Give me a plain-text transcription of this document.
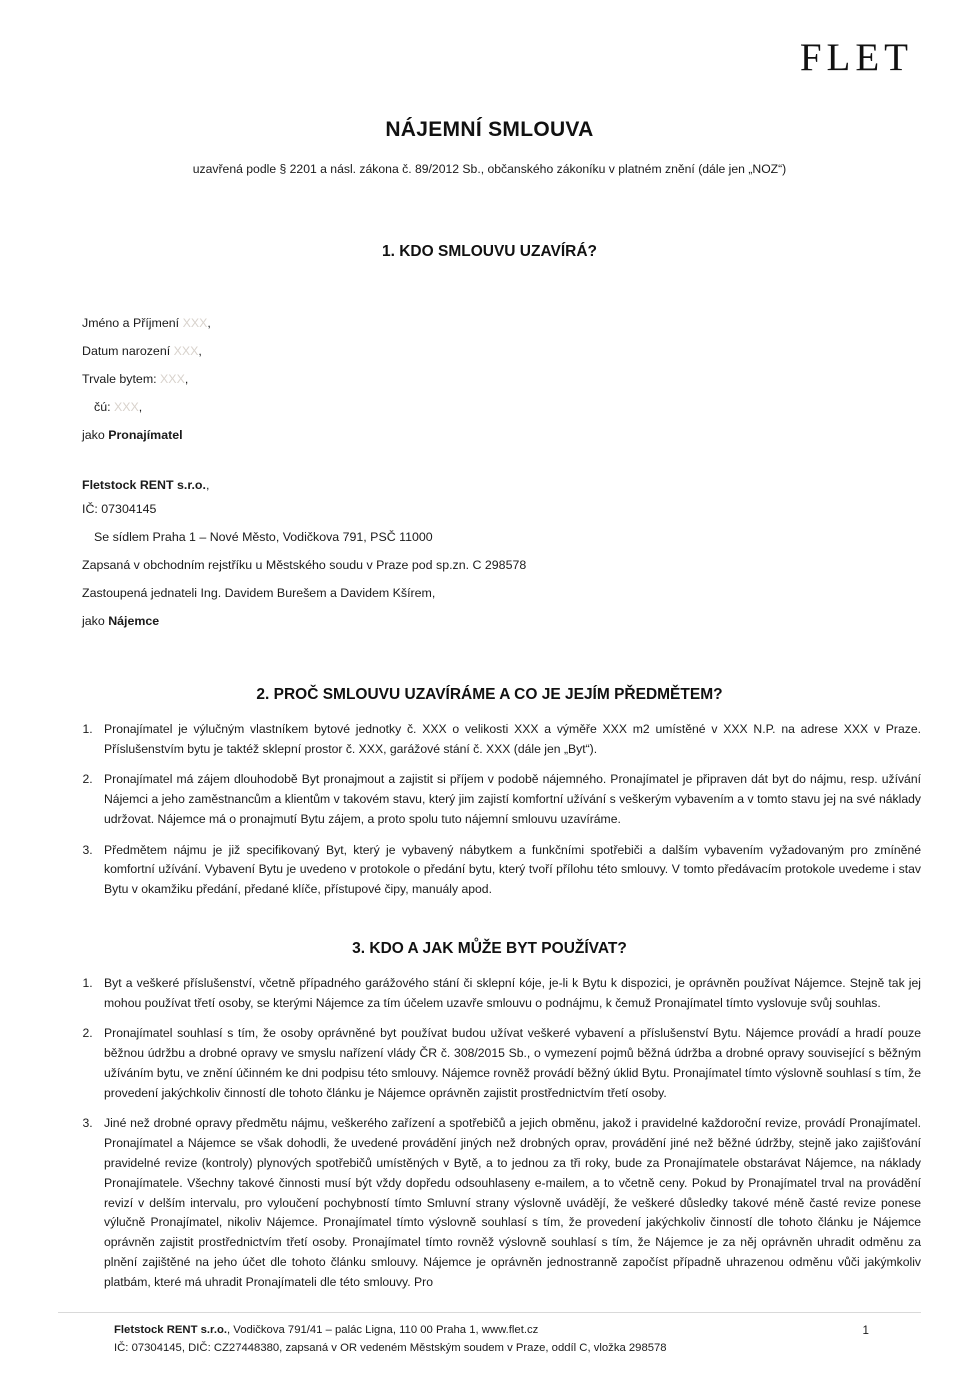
FLET
NÁJEMNÍ SMLOUVA

uzavřená podle § 2201 a násl. zákona č. 89/2012 Sb., občanského zákoníku v platném znění (dále jen „NOZ“)

1. KDO SMLOUVU UZAVÍRÁ?
Jméno a Příjmení XXX,
Datum narození XXX,
Trvale bytem: XXX,
čú: XXX,
jako Pronajímatel
Fletstock RENT s.r.o.,
IČ: 07304145
Se sídlem Praha 1 – Nové Město, Vodičkova 791, PSČ 11000
Zapsaná v obchodním rejstříku u Městského soudu v Praze pod sp.zn. C 298578
Zastoupená jednateli Ing. Davidem Burešem a Davidem Kšírem,
jako Nájemce
2. PROČ SMLOUVU UZAVÍRÁME A CO JE JEJÍM PŘEDMĚTEM?
1. Pronajímatel je výlučným vlastníkem bytové jednotky č. XXX o velikosti XXX a výměře XXX m2 umístěné v XXX N.P. na adrese XXX v Praze. Příslušenstvím bytu je taktéž sklepní prostor č. XXX, garážové stání č. XXX (dále jen „Byt“).
2. Pronajímatel má zájem dlouhodobě Byt pronajmout a zajistit si příjem v podobě nájemného. Pronajímatel je připraven dát byt do nájmu, resp. užívání Nájemci a jeho zaměstnancům a klientům v takovém stavu, který jim zajistí komfortní užívání s veškerým vybavením a v tomto stavu jej na své náklady udržovat. Nájemce má o pronajmutí Bytu zájem, a proto spolu tuto nájemní smlouvu uzavíráme.
3. Předmětem nájmu je již specifikovaný Byt, který je vybavený nábytkem a funkčními spotřebiči a dalším vybavením vyžadovaným pro zmíněné komfortní užívání. Vybavení Bytu je uvedeno v protokole o předání bytu, který tvoří přílohu této smlouvy. V tomto předávacím protokole uvedeme i stav Bytu v okamžiku předání, předané klíče, přístupové čipy, manuály apod.
3. KDO A JAK MŮŽE BYT POUŽÍVAT?
1. Byt a veškeré příslušenství, včetně případného garážového stání či sklepní kóje, je-li k Bytu k dispozici, je oprávněn používat Nájemce. Stejně tak jej mohou používat třetí osoby, se kterými Nájemce za tím účelem uzavře smlouvu o podnájmu, k čemuž Pronajímatel tímto vyslovuje svůj souhlas.
2. Pronajímatel souhlasí s tím, že osoby oprávněné byt používat budou užívat veškeré vybavení a příslušenství Bytu. Nájemce provádí a hradí pouze běžnou údržbu a drobné opravy ve smyslu nařízení vlády ČR č. 308/2015 Sb., o vymezení pojmů běžná údržba a drobné opravy související s běžným užíváním bytu, ve znění účinném ke dni podpisu této smlouvy. Nájemce rovněž provádí běžný úklid Bytu. Pronajímatel tímto výslovně souhlasí s tím, že provedení jakýchkoliv činností dle tohoto článku je Nájemce oprávněn zajistit prostřednictvím třetí osoby.
3. Jiné než drobné opravy předmětu nájmu, veškerého zařízení a spotřebičů a jejich obměnu, jakož i pravidelné každoroční revize, provádí Pronajímatel. Pronajímatel a Nájemce se však dohodli, že uvedené provádění jiných než drobných oprav, provádění jiné než běžné údržby, stejně jako zajišťování pravidelné revize (kontroly) plynových spotřebičů umístěných v Bytě, a to jednou za tři roky, bude za Pronajímatele obstarávat Nájemce, na náklady Pronajímatele. Všechny takové činnosti musí být vždy dopředu odsouhlaseny e-mailem, a to včetně ceny. Pokud by Pronajímatel trval na provádění revizí v delším intervalu, pro vyloučení pochybností tímto Smluvní strany výslovně uvádějí, že veškeré důsledky takové méně časté revize ponese výlučně Pronajímatel, nikoliv Nájemce. Pronajímatel tímto výslovně souhlasí s tím, že provedení jakýchkoliv činností dle tohoto článku je Nájemce oprávněn zajistit prostřednictvím třetí osoby. Pronajímatel tímto rovněž výslovně souhlasí s tím, že Nájemce je za něj oprávněn uhradit odměnu za plnění zajištěné na jeho účet dle tohoto článku smlouvy. Nájemce je oprávněn jednostranně započíst případně uhrazenou odměnu vůči jakýmkoliv platbám, které má uhradit Pronajímateli dle této smlouvy. Pro
Fletstock RENT s.r.o., Vodičkova 791/41 – palác Ligna, 110 00 Praha 1, www.flet.cz
IČ: 07304145, DIČ: CZ27448380, zapsaná v OR vedeném Městským soudem v Praze, oddíl C, vložka 298578
1
